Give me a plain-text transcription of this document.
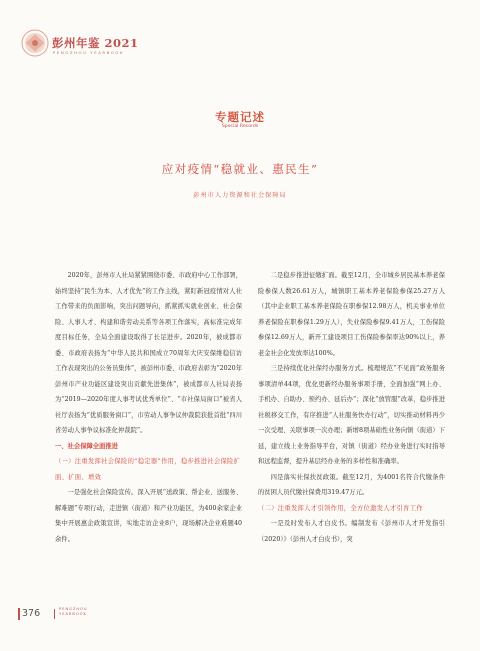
彭州年鉴 2021
PENGZHOU YEARBOOK
专题记述
Special Records
应对疫情“稳就业、惠民生”
彭州市人力资源和社会保障局

2020年，彭州市人社局紧紧围绕市委、市政府中心工作部署，始终坚持“民生为本、人才优先”的工作主线，紧盯新冠疫情对人社工作带来的负面影响，突出问题导向，抓紧抓实就业创业、社会保险、人事人才、构建和谐劳动关系等各项工作落实，高标准完成年度目标任务，全局全面建设取得了长足进步。2020年，被成都市委、市政府表扬为“中华人民共和国成立70周年大庆安保维稳信访工作表现突出的公务员集体”，被彭州市委、市政府表彰为“2020年彭州市产业功能区建设突出贡献先进集体”，被成都市人社局表扬为“2019—2020年度人事考试优秀单位”、“市社保局窗口”被省人社厅表扬为“优质服务窗口”，市劳动人事争议仲裁院获批首批“四川省劳动人事争议标准化仲裁院”。

一、社会保障全面推进
（一）注重发挥社会保险的“稳定器”作用，稳步推进社会保险扩面、扩面、增效

一是强化社会保险宣传。深入开展“送政策、帮企业、送服务、解难题”专项行动，走进镇（街道）和产业功能区，为400余家企业集中开展惠企政策宣讲，实地走访企业8户，现场解决企业难题40余件。

二是稳步推进征缴扩面。截至12月，全市城乡居民基本养老保险参保人数26.61万人，城镇职工基本养老保险参保25.27万人（其中企业职工基本养老保险在职参保12.98万人，机关事业单位养老保险在职参保1.29万人），失业保险参保9.41万人，工伤保险参保12.69万人，新开工建设项目工伤保险参保率达90%以上，养老金社会化发放率达100%。

三是持续优化社保经办服务方式。梳理规范“不见面”政务服务事项清单44项，优化更新经办服务事项手册，全面加强“网上办、手机办、自助办、预约办、延后办”；深化“放管服”改革，稳步推进社税移交工作，有序推进“人社服务快办行动”，切实推动材料再少一次受理、关联事项一次办理；新增8项基础性业务向镇（街道）下延，建立线上业务指导平台，对镇（街道）经办业务进行实时指导和远程监督，提升基层经办业务的多样性和准确率。

四是落实社保扶贫政策。截至12月，为4001名符合代缴条件的贫困人员代缴社保费用319.47万元。

（二）注重发挥人才引领作用，全方位激发人才引育工作

一是及时发布人才白皮书。编制发布《彭州市人才开发指引（2020）》（彭州人才白皮书），突

376	PENGZHOU
YEARBOOK
